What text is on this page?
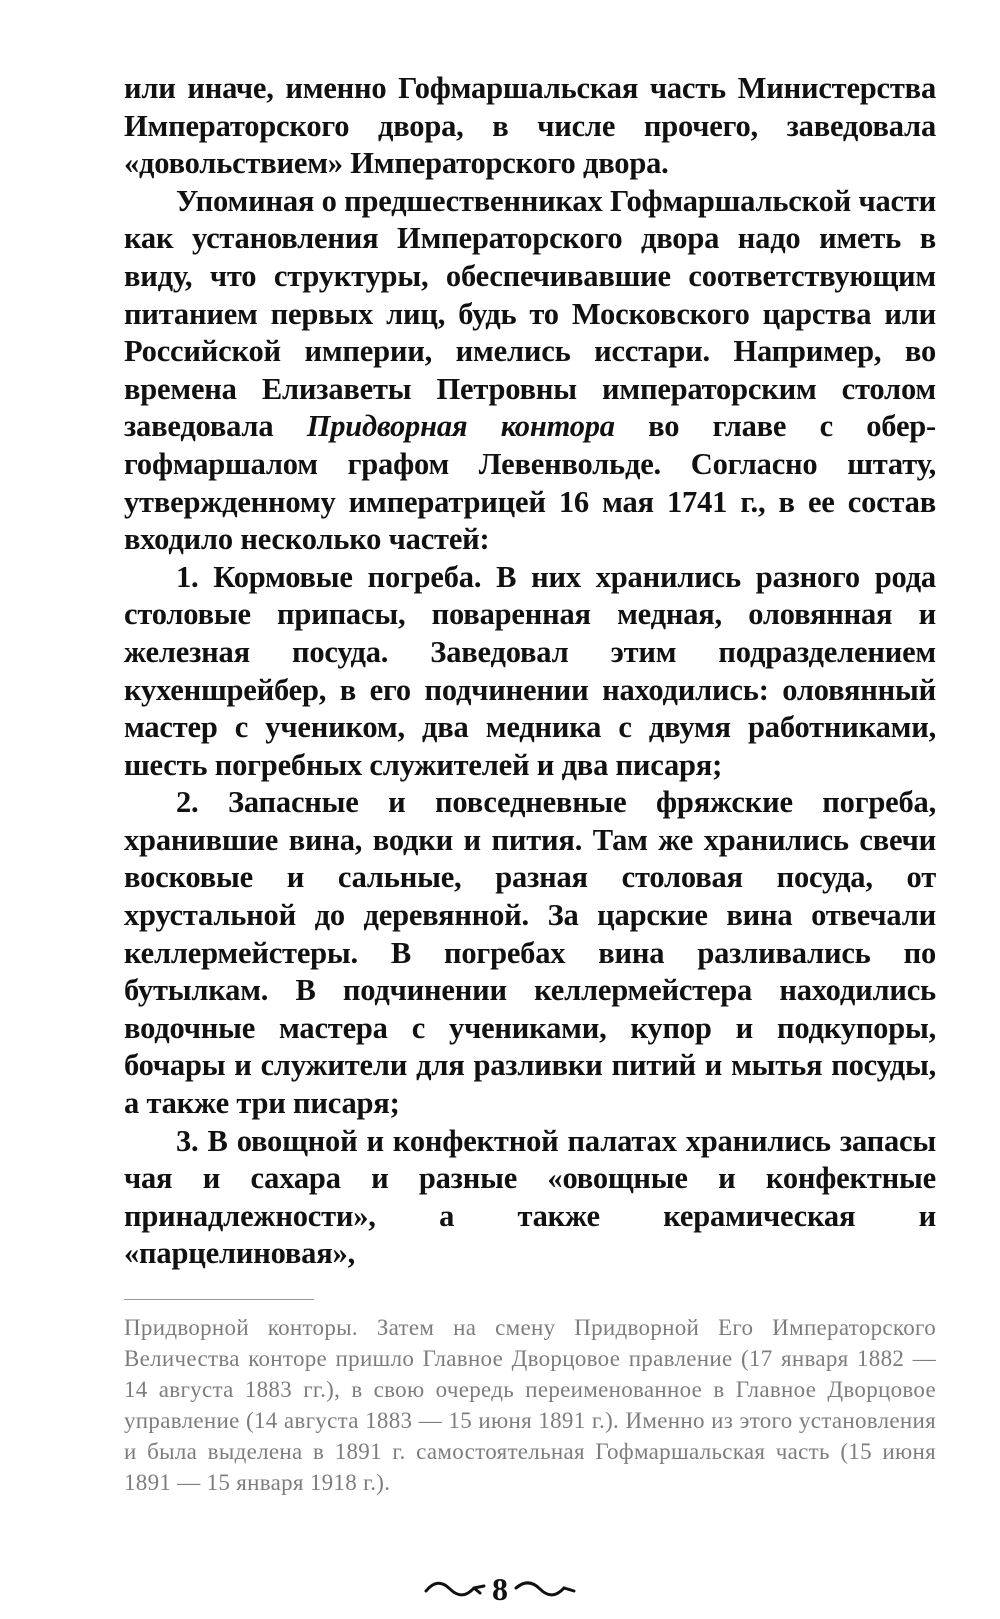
или иначе, именно Гофмаршальская часть Министерства Императорского двора, в числе прочего, заведовала «довольствием» Императорского двора.

Упоминая о предшественниках Гофмаршальской части как установления Императорского двора надо иметь в виду, что структуры, обеспечивавшие соответствующим питанием первых лиц, будь то Московского царства или Российской империи, имелись исстари. Например, во времена Елизаветы Петровны императорским столом заведовала Придворная контора во главе с обер-гофмаршалом графом Левенвольде. Согласно штату, утвержденному императрицей 16 мая 1741 г., в ее состав входило несколько частей:

1. Кормовые погреба. В них хранились разного рода столовые припасы, поваренная медная, оловянная и железная посуда. Заведовал этим подразделением кухеншрейбер, в его подчинении находились: оловянный мастер с учеником, два медника с двумя работниками, шесть погребных служителей и два писаря;

2. Запасные и повседневные фряжские погреба, хранившие вина, водки и пития. Там же хранились свечи восковые и сальные, разная столовая посуда, от хрустальной до деревянной. За царские вина отвечали келлермейстеры. В погребах вина разливались по бутылкам. В подчинении келлермейстера находились водочные мастера с учениками, купор и подкупоры, бочары и служители для разливки питий и мытья посуды, а также три писаря;

3. В овощной и конфектной палатах хранились запасы чая и сахара и разные «овощные и конфектные принадлежности», а также керамическая и «парцелиновая»,

Придворной конторы. Затем на смену Придворной Его Императорского Величества конторе пришло Главное Дворцовое правление (17 января 1882 — 14 августа 1883 гг.), в свою очередь переименованное в Главное Дворцовое управление (14 августа 1883 — 15 июня 1891 г.). Именно из этого установления и была выделена в 1891 г. самостоятельная Гофмаршальская часть (15 июня 1891 — 15 января 1918 г.).

8
